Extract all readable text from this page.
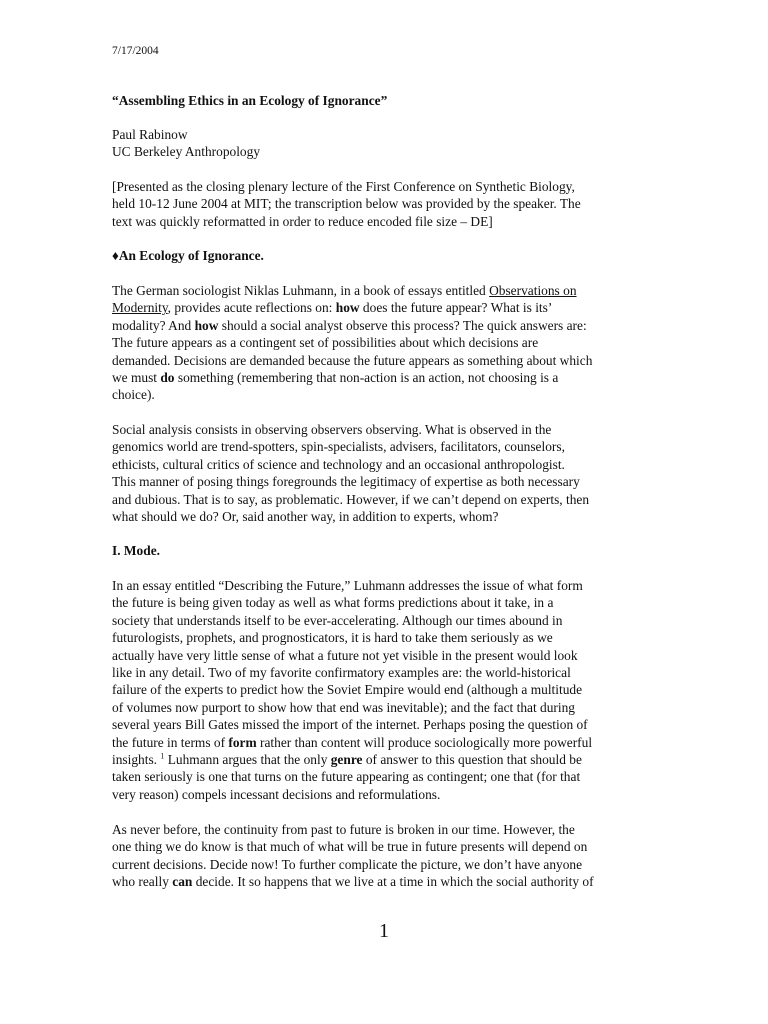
7/17/2004

“Assembling Ethics in an Ecology of Ignorance”

Paul Rabinow
UC Berkeley Anthropology
[Presented as the closing plenary lecture of the First Conference on Synthetic Biology,
held 10-12 June 2004 at MIT; the transcription below was provided by the speaker. The
text was quickly reformatted in order to reduce encoded file size – DE]
♦An Ecology of Ignorance.
The German sociologist Niklas Luhmann, in a book of essays entitled Observations on
Modernity, provides acute reflections on: how does the future appear? What is its’
modality? And how should a social analyst observe this process? The quick answers are:
The future appears as a contingent set of possibilities about which decisions are
demanded. Decisions are demanded because the future appears as something about which
we must do something (remembering that non-action is an action, not choosing is a
choice).
Social analysis consists in observing observers observing. What is observed in the
genomics world are trend-spotters, spin-specialists, advisers, facilitators, counselors,
ethicists, cultural critics of science and technology and an occasional anthropologist.
This manner of posing things foregrounds the legitimacy of expertise as both necessary
and dubious. That is to say, as problematic. However, if we can’t depend on experts, then
what should we do? Or, said another way, in addition to experts, whom?
I. Mode.
In an essay entitled “Describing the Future,” Luhmann addresses the issue of what form
the future is being given today as well as what forms predictions about it take, in a
society that understands itself to be ever-accelerating. Although our times abound in
futurologists, prophets, and prognosticators, it is hard to take them seriously as we
actually have very little sense of what a future not yet visible in the present would look
like in any detail. Two of my favorite confirmatory examples are: the world-historical
failure of the experts to predict how the Soviet Empire would end (although a multitude
of volumes now purport to show how that end was inevitable); and the fact that during
several years Bill Gates missed the import of the internet. Perhaps posing the question of
the future in terms of form rather than content will produce sociologically more powerful
insights. $^1$ Luhmann argues that the only genre of answer to this question that should be
taken seriously is one that turns on the future appearing as contingent; one that (for that
very reason) compels incessant decisions and reformulations.
As never before, the continuity from past to future is broken in our time. However, the
one thing we do know is that much of what will be true in future presents will depend on
current decisions. Decide now! To further complicate the picture, we don’t have anyone
who really can decide. It so happens that we live at a time in which the social authority of
1
